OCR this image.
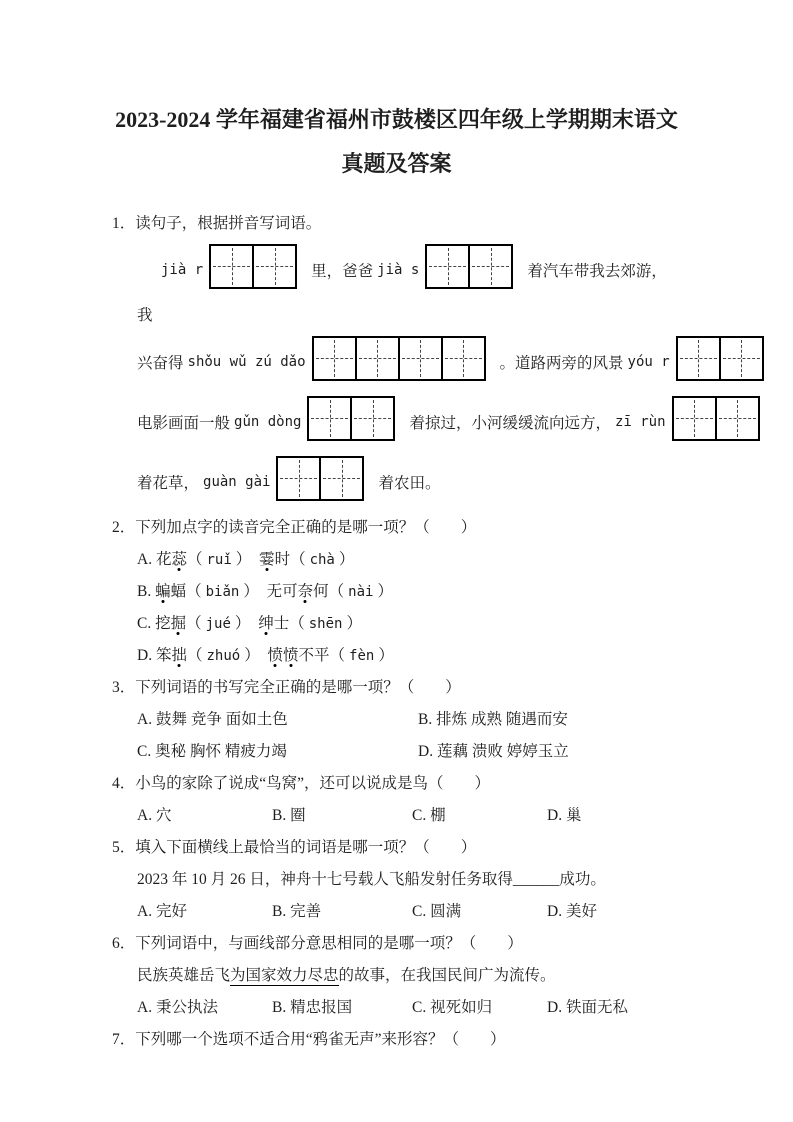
2023-2024 学年福建省福州市鼓楼区四年级上学期期末语文
真题及答案
1．读句子，根据拼音写词语。
jià r	里，爸爸 jià s	着汽车带我去郊游，
我
兴奋得 shǒu wǔ zú dǎo	。道路两旁的风景 yóu r
电影画面一般 gǔn dòng	着掠过，小河缓缓流向远方， zī rùn
着花草， guàn gài	着农田。
2．下列加点字的读音完全正确的是哪一项？（　　）
A. 花蕊（ ruǐ ）　霎时（ chà ）
B. 蝙蝠（ biǎn ）　无可奈何（ nài ）
C. 挖掘（ jué ）　绅士（ shēn ）
D. 笨拙（ zhuó ）　愤愤不平（ fèn ）
3．下列词语的书写完全正确的是哪一项？（　　）
A. 鼓舞 竞争 面如土色	B. 排炼 成熟 随遇而安
C. 奥秘 胸怀 精疲力竭	D. 莲藕 溃败 婷婷玉立
4．小鸟的家除了说成“鸟窝”，还可以说成是鸟（　　）
A. 穴	B. 圈	C. 棚	D. 巢
5．填入下面横线上最恰当的词语是哪一项？（　　）
2023 年 10 月 26 日，神舟十七号载人飞船发射任务取得______成功。
A. 完好	B. 完善	C. 圆满	D. 美好
6．下列词语中，与画线部分意思相同的是哪一项？（　　）
民族英雄岳飞为国家效力尽忠的故事，在我国民间广为流传。
A. 秉公执法	B. 精忠报国	C. 视死如归	D. 铁面无私
7．下列哪一个选项不适合用“鸦雀无声”来形容？（　　）
